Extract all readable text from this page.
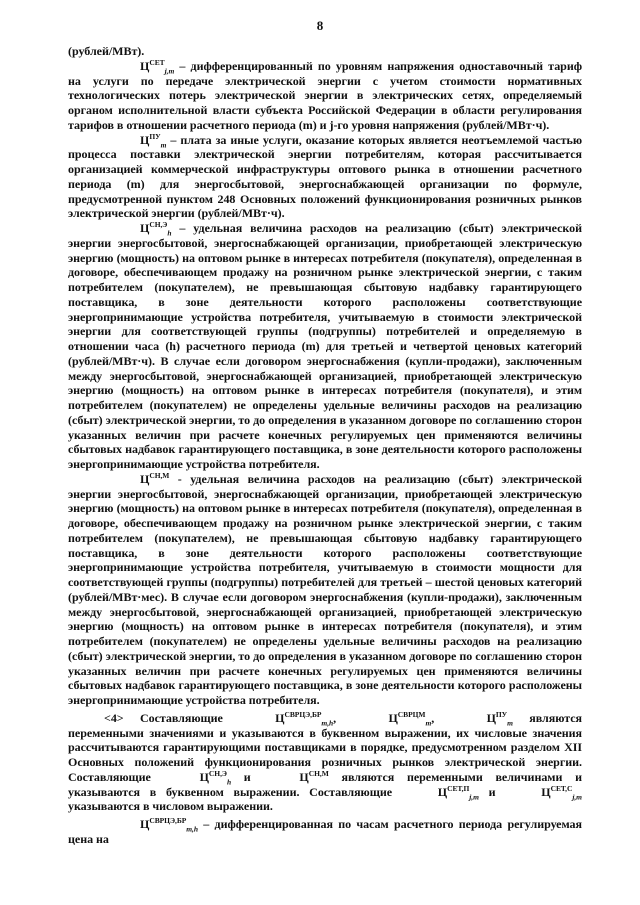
8

(рублей/МВт).

$Ц^{СЕТ}_{j,m}$ – дифференцированный по уровням напряжения одноставочный тариф на услуги по передаче электрической энергии с учетом стоимости нормативных технологических потерь электрической энергии в электрических сетях, определяемый органом исполнительной власти субъекта Российской Федерации в области регулирования тарифов в отношении расчетного периода (m) и j-го уровня напряжения (рублей/МВт·ч).

$Ц^{ПУ}_m$ – плата за иные услуги, оказание которых является неотъемлемой частью процесса поставки электрической энергии потребителям, которая рассчитывается организацией коммерческой инфраструктуры оптового рынка в отношении расчетного периода (m) для энергосбытовой, энергоснабжающей организации по формуле, предусмотренной пунктом 248 Основных положений функционирования розничных рынков электрической энергии (рублей/МВт·ч).

$Ц^{СН,Э}_h$ – удельная величина расходов на реализацию (сбыт) электрической энергии энергосбытовой, энергоснабжающей организации, приобретающей электрическую энергию (мощность) на оптовом рынке в интересах потребителя (покупателя), определенная в договоре, обеспечивающем продажу на розничном рынке электрической энергии, с таким потребителем (покупателем), не превышающая сбытовую надбавку гарантирующего поставщика, в зоне деятельности которого расположены соответствующие энергопринимающие устройства потребителя, учитываемую в стоимости электрической энергии для соответствующей группы (подгруппы) потребителей и определяемую в отношении часа (h) расчетного периода (m) для третьей и четвертой ценовых категорий (рублей/МВт·ч). В случае если договором энергоснабжения (купли-продажи), заключенным между энергосбытовой, энергоснабжающей организацией, приобретающей электрическую энергию (мощность) на оптовом рынке в интересах потребителя (покупателя), и этим потребителем (покупателем) не определены удельные величины расходов на реализацию (сбыт) электрической энергии, то до определения в указанном договоре по соглашению сторон указанных величин при расчете конечных регулируемых цен применяются величины сбытовых надбавок гарантирующего поставщика, в зоне деятельности которого расположены энергопринимающие устройства потребителя.

$Ц^{СН,М}$ - удельная величина расходов на реализацию (сбыт) электрической энергии энергосбытовой, энергоснабжающей организации, приобретающей электрическую энергию (мощность) на оптовом рынке в интересах потребителя (покупателя), определенная в договоре, обеспечивающем продажу на розничном рынке электрической энергии, с таким потребителем (покупателем), не превышающая сбытовую надбавку гарантирующего поставщика, в зоне деятельности которого расположены соответствующие энергопринимающие устройства потребителя, учитываемую в стоимости мощности для соответствующей группы (подгруппы) потребителей для третьей – шестой ценовых категорий (рублей/МВт·мес). В случае если договором энергоснабжения (купли-продажи), заключенным между энергосбытовой, энергоснабжающей организацией, приобретающей электрическую энергию (мощность) на оптовом рынке в интересах потребителя (покупателя), и этим потребителем (покупателем) не определены удельные величины расходов на реализацию (сбыт) электрической энергии, то до определения в указанном договоре по соглашению сторон указанных величин при расчете конечных регулируемых цен применяются величины сбытовых надбавок гарантирующего поставщика, в зоне деятельности которого расположены энергопринимающие устройства потребителя.

<4> Составляющие	$Ц^{СВРЦЭ,БР}_{m,h}$,	$Ц^{СВРЦМ}_m$,	$Ц^{ПУ}_m$ являются переменными значениями и указываются в буквенном выражении, их числовые значения рассчитываются гарантирующими поставщиками в порядке, предусмотренном разделом XII Основных положений функционирования розничных рынков электрической энергии. Составляющие	$Ц^{СН,Э}_h$ и	$Ц^{СН,М}$ являются переменными величинами и указываются в буквенном выражении. Составляющие	$Ц^{СЕТ,П}_{j,m}$ и	$Ц^{СЕТ,С}_{j,m}$ указываются в числовом выражении.

$Ц^{СВРЦЭ,БР}_{m,h}$ – дифференцированная по часам расчетного периода регулируемая цена на
